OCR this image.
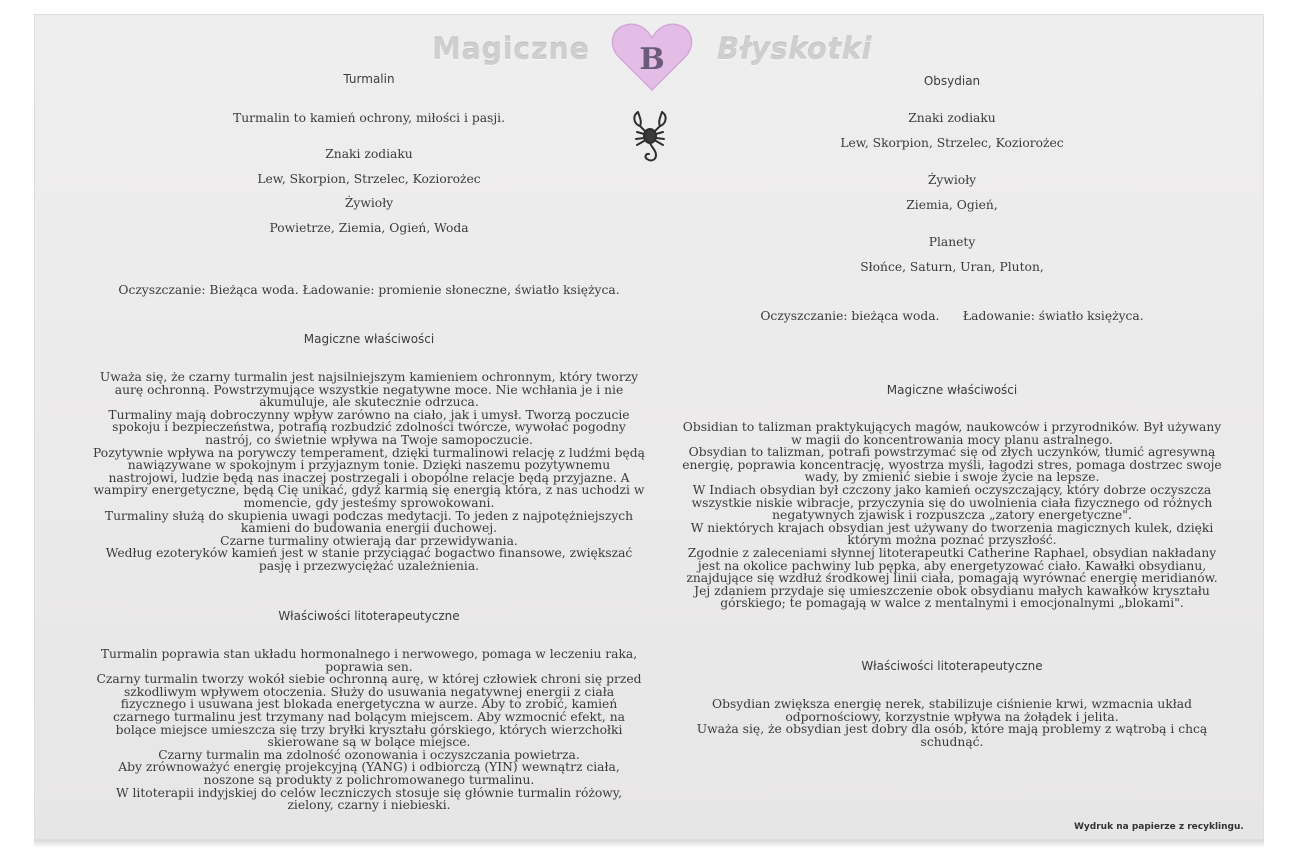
Magiczne B Błyskotki
Turmalin
Turmalin to kamień ochrony, miłości i pasji.
Znaki zodiaku
Lew, Skorpion, Strzelec, Koziorożec
Żywioły
Powietrze, Ziemia, Ogień, Woda
Oczyszczanie: Bieżąca woda. Ładowanie: promienie słoneczne, światło księżyca.
Magiczne właściwości
Uważa się, że czarny turmalin jest najsilniejszym kamieniem ochronnym, który tworzy
aurę ochronną. Powstrzymujące wszystkie negatywne moce. Nie wchłania je i nie
akumuluje, ale skutecznie odrzuca.
Turmaliny mają dobroczynny wpływ zarówno na ciało, jak i umysł. Tworzą poczucie
spokoju i bezpieczeństwa, potrafią rozbudzić zdolności twórcze, wywołać pogodny
nastrój, co świetnie wpływa na Twoje samopoczucie.
Pozytywnie wpływa na porywczy temperament, dzięki turmalinowi relację z ludźmi będą
nawiązywane w spokojnym i przyjaznym tonie. Dzięki naszemu pozytywnemu
nastrojowi, ludzie będą nas inaczej postrzegali i obopólne relacje będą przyjazne. A
wampiry energetyczne, będą Cię unikać, gdyż karmią się energią która, z nas uchodzi w
momencie, gdy jesteśmy sprowokowani.
Turmaliny służą do skupienia uwagi podczas medytacji. To jeden z najpotężniejszych
kamieni do budowania energii duchowej.
Czarne turmaliny otwierają dar przewidywania.
Według ezoteryków kamień jest w stanie przyciągać bogactwo finansowe, zwiększać
pasję i przezwyciężać uzależnienia.
Właściwości litoterapeutyczne
Turmalin poprawia stan układu hormonalnego i nerwowego, pomaga w leczeniu raka,
poprawia sen.
Czarny turmalin tworzy wokół siebie ochronną aurę, w której człowiek chroni się przed
szkodliwym wpływem otoczenia. Służy do usuwania negatywnej energii z ciała
fizycznego i usuwana jest blokada energetyczna w aurze. Aby to zrobić, kamień
czarnego turmalinu jest trzymany nad bolącym miejscem. Aby wzmocnić efekt, na
bolące miejsce umieszcza się trzy bryłki kryształu górskiego, których wierzchołki
skierowane są w bolące miejsce.
Czarny turmalin ma zdolność ozonowania i oczyszczania powietrza.
Aby zrównoważyć energię projekcyjną (YANG) i odbiorczą (YIN) wewnątrz ciała,
noszone są produkty z polichromowanego turmalinu.
W litoterapii indyjskiej do celów leczniczych stosuje się głównie turmalin różowy,
zielony, czarny i niebieski.
Obsydian
Znaki zodiaku
Lew, Skorpion, Strzelec, Koziorożec
Żywioły
Ziemia, Ogień,
Planety
Słońce, Saturn, Uran, Pluton,
Oczyszczanie: bieżąca woda.      Ładowanie: światło księżyca.
Magiczne właściwości
Obsidian to talizman praktykujących magów, naukowców i przyrodników. Był używany
w magii do koncentrowania mocy planu astralnego.
Obsydian to talizman, potrafi powstrzymać się od złych uczynków, tłumić agresywną
energię, poprawia koncentrację, wyostrza myśli, łagodzi stres, pomaga dostrzec swoje
wady, by zmienić siebie i swoje życie na lepsze.
W Indiach obsydian był czczony jako kamień oczyszczający, który dobrze oczyszcza
wszystkie niskie wibracje, przyczynia się do uwolnienia ciała fizycznego od różnych
negatywnych zjawisk i rozpuszcza „zatory energetyczne".
W niektórych krajach obsydian jest używany do tworzenia magicznych kulek, dzięki
którym można poznać przyszłość.
Zgodnie z zaleceniami słynnej litoterapeutki Catherine Raphael, obsydian nakładany
jest na okolice pachwiny lub pępka, aby energetyzować ciało. Kawałki obsydianu,
znajdujące się wzdłuż środkowej linii ciała, pomagają wyrównać energię meridianów.
Jej zdaniem przydaje się umieszczenie obok obsydianu małych kawałków kryształu
górskiego; te pomagają w walce z mentalnymi i emocjonalnymi „blokami".
Właściwości litoterapeutyczne
Obsydian zwiększa energię nerek, stabilizuje ciśnienie krwi, wzmacnia układ
odpornościowy, korzystnie wpływa na żołądek i jelita.
Uważa się, że obsydian jest dobry dla osób, które mają problemy z wątrobą i chcą
schudnąć.
Wydruk na papierze z recyklingu.
